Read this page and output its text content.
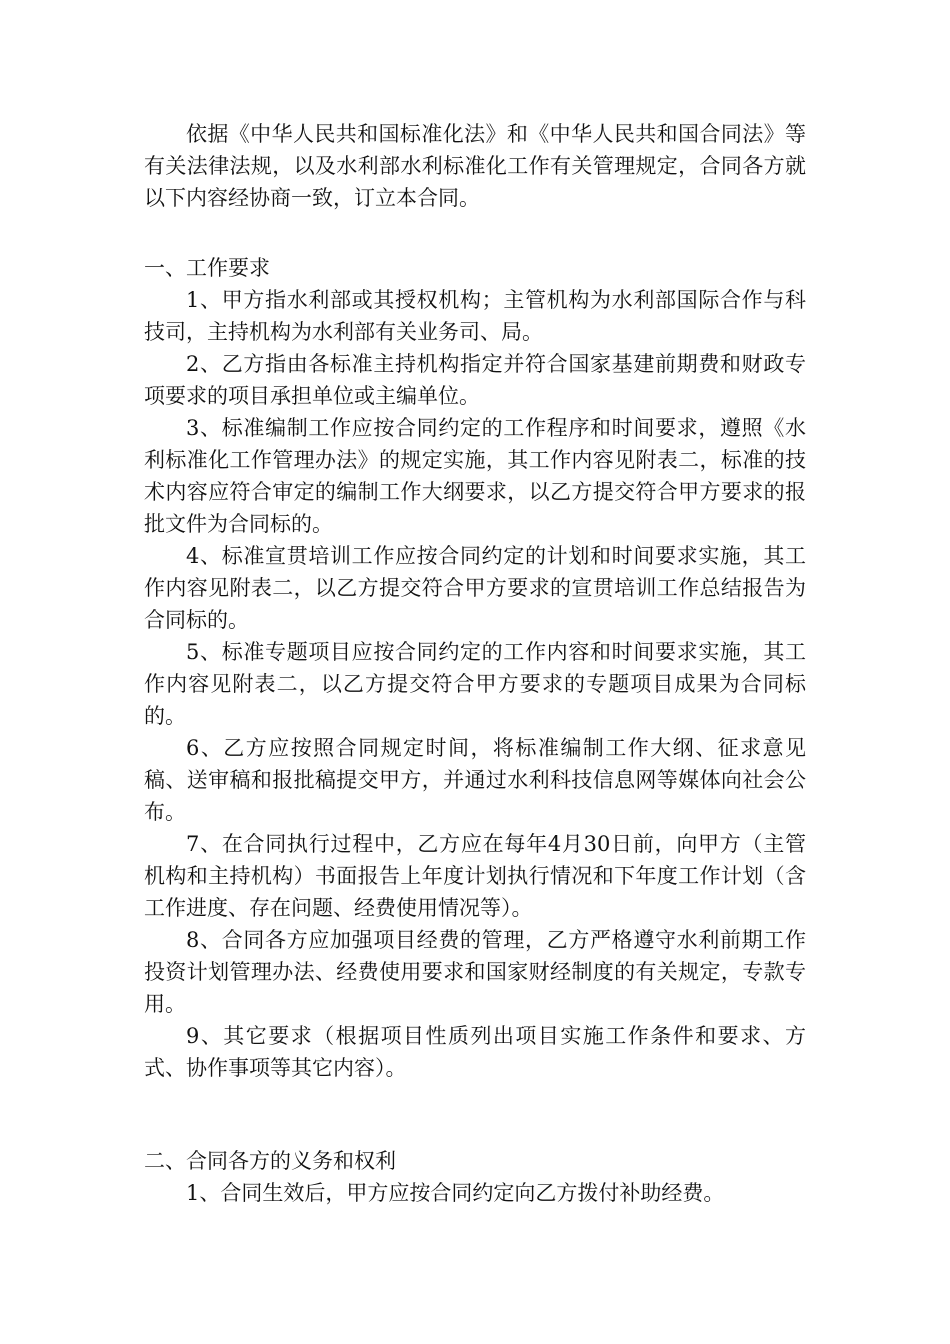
依据《中华人民共和国标准化法》和《中华人民共和国合同法》等有关法律法规，以及水利部水利标准化工作有关管理规定，合同各方就以下内容经协商一致，订立本合同。

一、工作要求

1、甲方指水利部或其授权机构；主管机构为水利部国际合作与科技司，主持机构为水利部有关业务司、局。

2、乙方指由各标准主持机构指定并符合国家基建前期费和财政专项要求的项目承担单位或主编单位。

3、标准编制工作应按合同约定的工作程序和时间要求，遵照《水利标准化工作管理办法》的规定实施，其工作内容见附表二，标准的技术内容应符合审定的编制工作大纲要求，以乙方提交符合甲方要求的报批文件为合同标的。

4、标准宣贯培训工作应按合同约定的计划和时间要求实施，其工作内容见附表二，以乙方提交符合甲方要求的宣贯培训工作总结报告为合同标的。

5、标准专题项目应按合同约定的工作内容和时间要求实施，其工作内容见附表二，以乙方提交符合甲方要求的专题项目成果为合同标的。

6、乙方应按照合同规定时间，将标准编制工作大纲、征求意见稿、送审稿和报批稿提交甲方，并通过水利科技信息网等媒体向社会公布。

7、在合同执行过程中，乙方应在每年4月30日前，向甲方（主管机构和主持机构）书面报告上年度计划执行情况和下年度工作计划（含工作进度、存在问题、经费使用情况等）。

8、合同各方应加强项目经费的管理，乙方严格遵守水利前期工作投资计划管理办法、经费使用要求和国家财经制度的有关规定，专款专用。

9、其它要求（根据项目性质列出项目实施工作条件和要求、方式、协作事项等其它内容）。

二、合同各方的义务和权利

1、合同生效后，甲方应按合同约定向乙方拨付补助经费。
